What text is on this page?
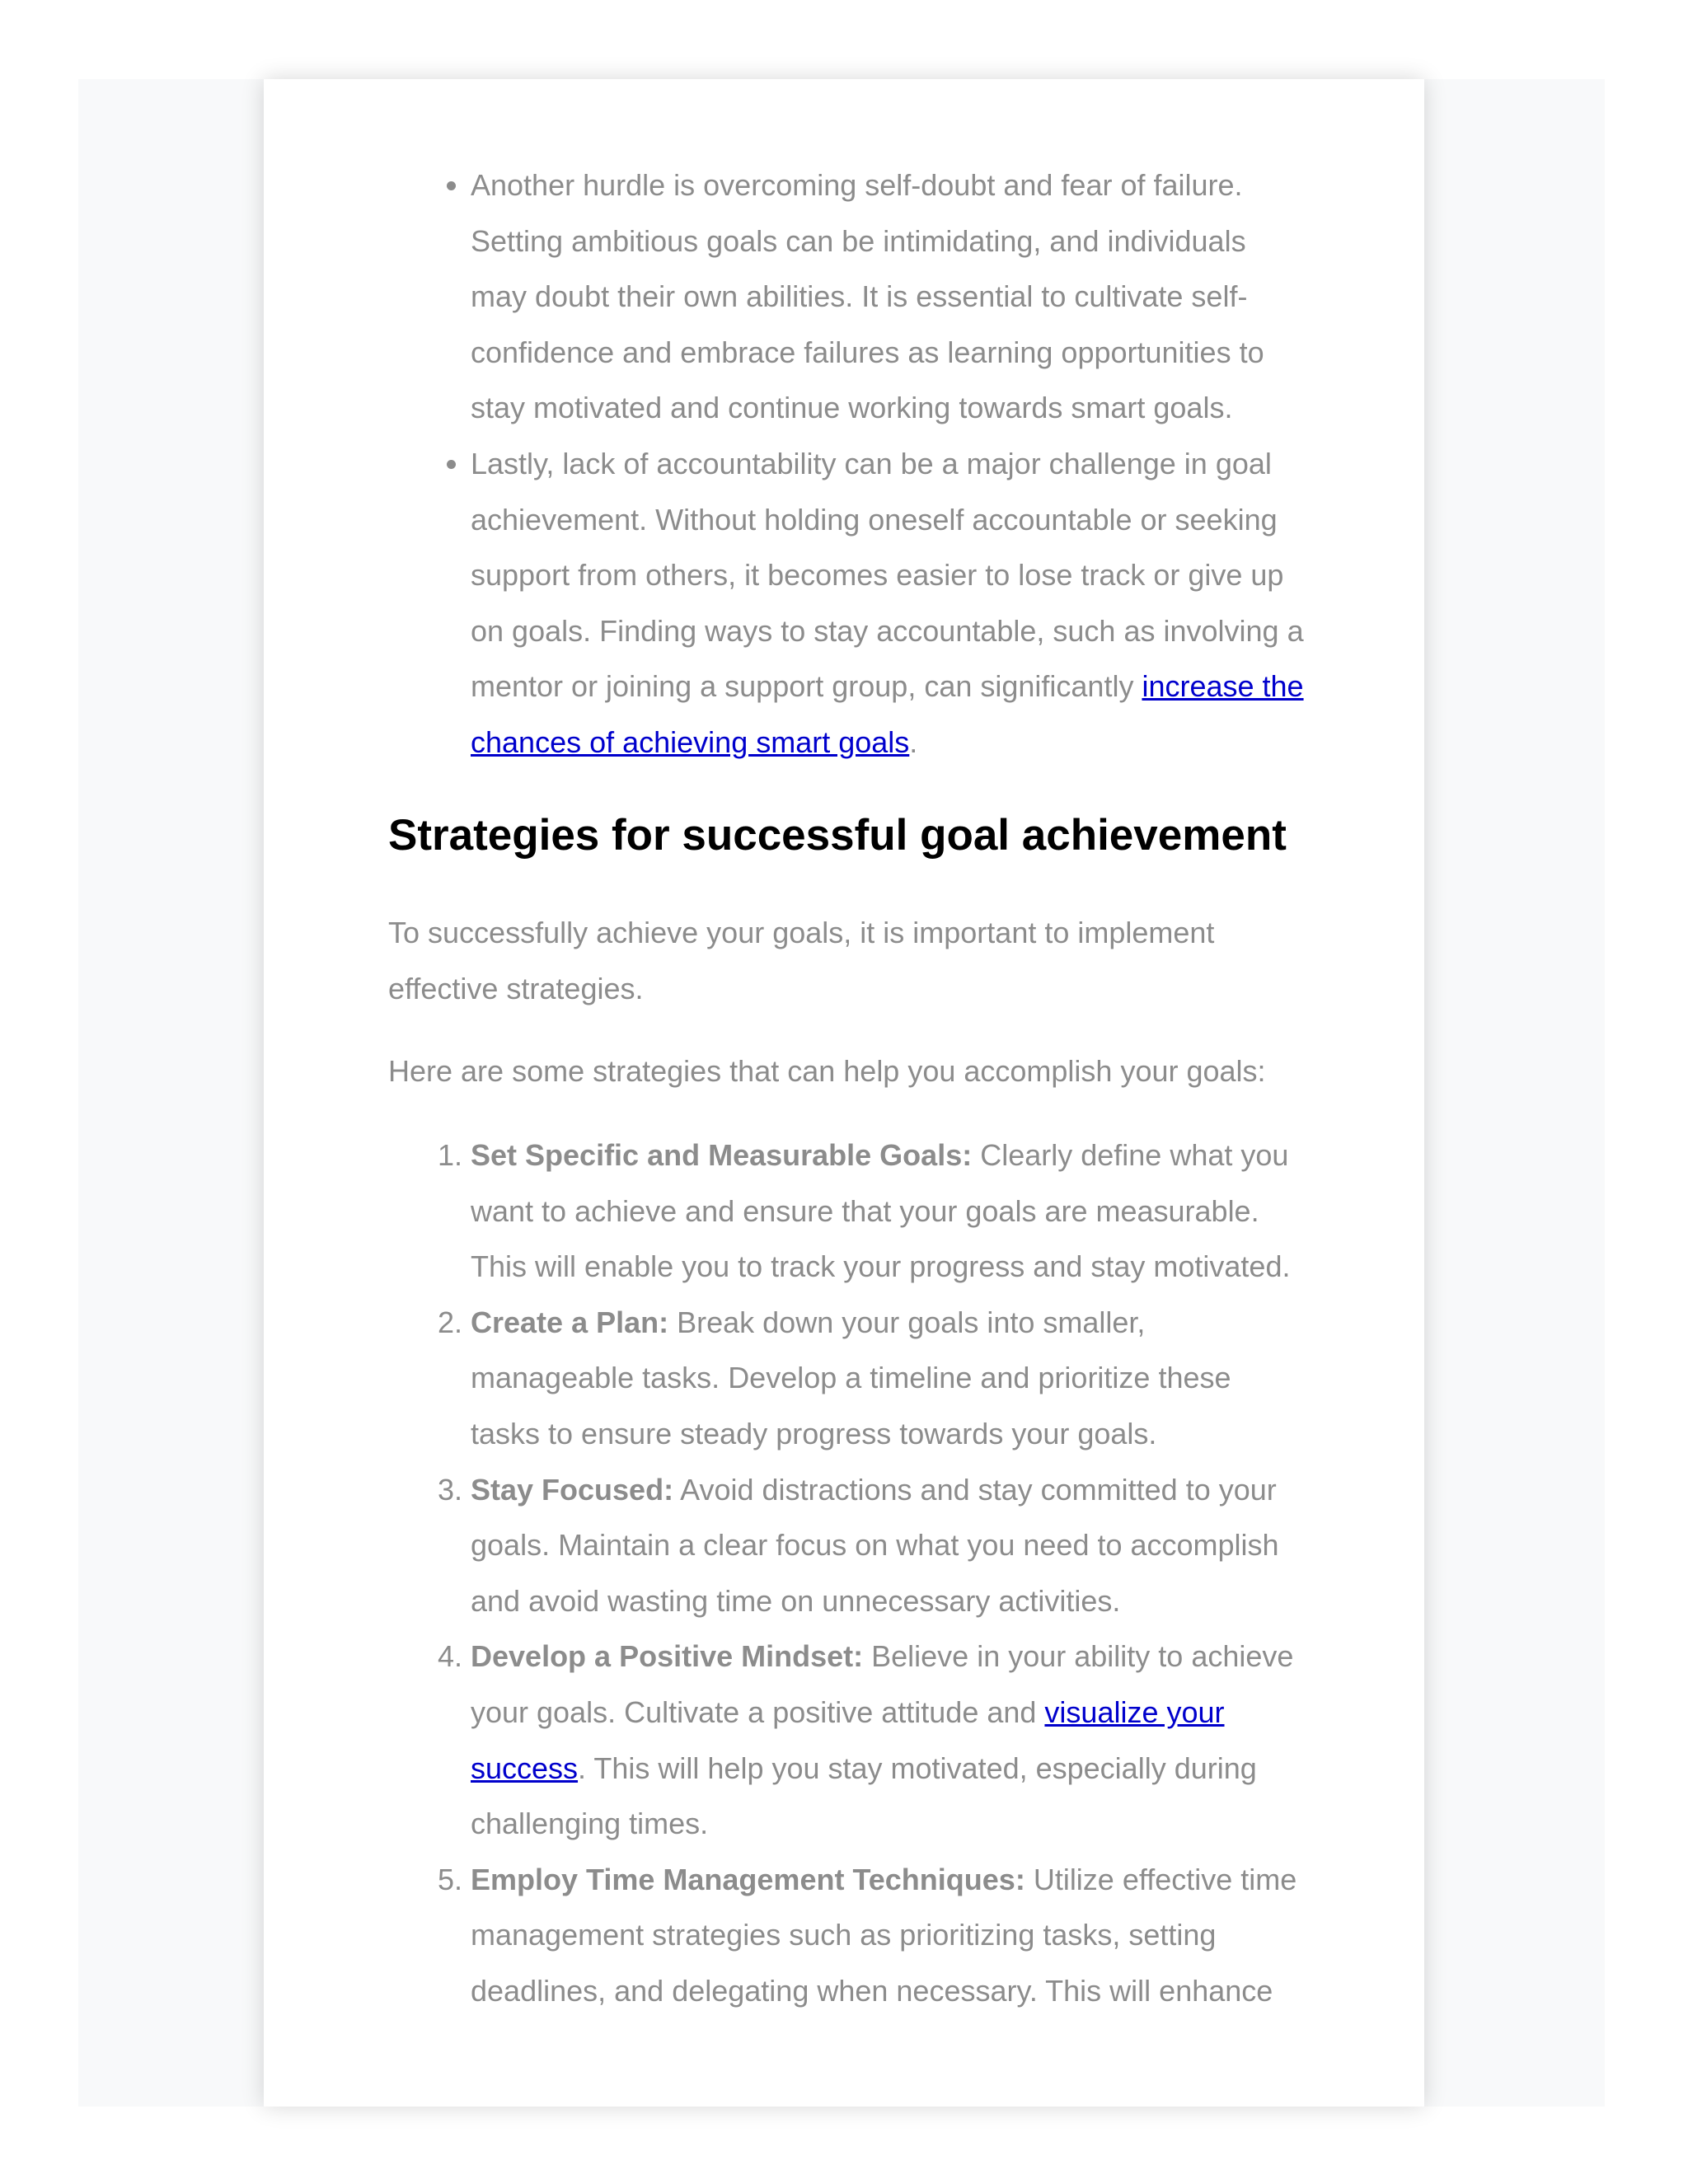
• Another hurdle is overcoming self-doubt and fear of failure. Setting ambitious goals can be intimidating, and individuals may doubt their own abilities. It is essential to cultivate self-confidence and embrace failures as learning opportunities to stay motivated and continue working towards smart goals.
• Lastly, lack of accountability can be a major challenge in goal achievement. Without holding oneself accountable or seeking support from others, it becomes easier to lose track or give up on goals. Finding ways to stay accountable, such as involving a mentor or joining a support group, can significantly increase the chances of achieving smart goals.
Strategies for successful goal achievement

To successfully achieve your goals, it is important to implement effective strategies.

Here are some strategies that can help you accomplish your goals:

1. Set Specific and Measurable Goals: Clearly define what you want to achieve and ensure that your goals are measurable. This will enable you to track your progress and stay motivated.
2. Create a Plan: Break down your goals into smaller, manageable tasks. Develop a timeline and prioritize these tasks to ensure steady progress towards your goals.
3. Stay Focused: Avoid distractions and stay committed to your goals. Maintain a clear focus on what you need to accomplish and avoid wasting time on unnecessary activities.
4. Develop a Positive Mindset: Believe in your ability to achieve your goals. Cultivate a positive attitude and visualize your success. This will help you stay motivated, especially during challenging times.
5. Employ Time Management Techniques: Utilize effective time management strategies such as prioritizing tasks, setting deadlines, and delegating when necessary. This will enhance
